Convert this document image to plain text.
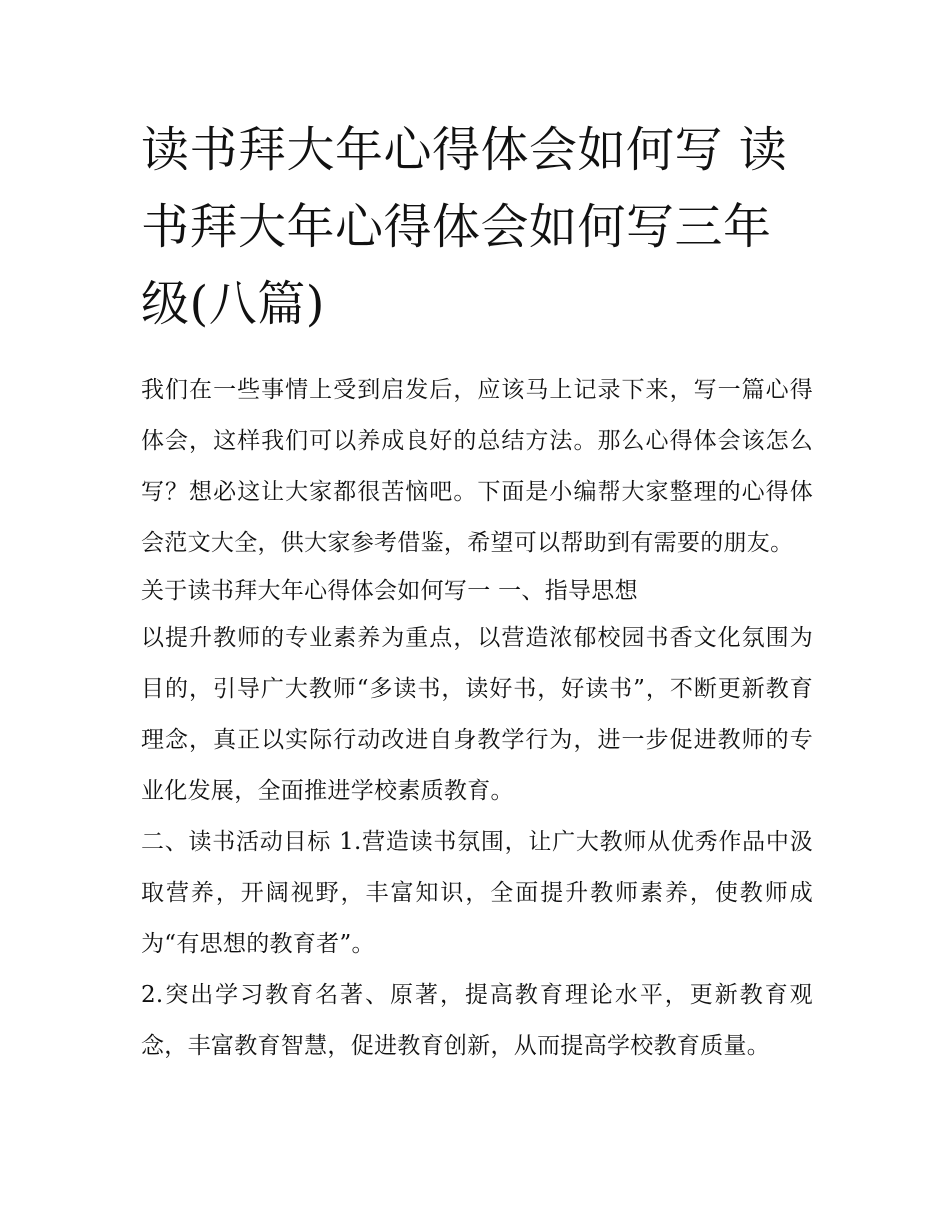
读书拜大年心得体会如何写 读书拜大年心得体会如何写三年级(八篇)

我们在一些事情上受到启发后，应该马上记录下来，写一篇心得体会，这样我们可以养成良好的总结方法。那么心得体会该怎么写？想必这让大家都很苦恼吧。下面是小编帮大家整理的心得体会范文大全，供大家参考借鉴，希望可以帮助到有需要的朋友。

关于读书拜大年心得体会如何写一 一、指导思想

以提升教师的专业素养为重点，以营造浓郁校园书香文化氛围为目的，引导广大教师“多读书，读好书，好读书”，不断更新教育理念，真正以实际行动改进自身教学行为，进一步促进教师的专业化发展，全面推进学校素质教育。

二、读书活动目标 1.营造读书氛围，让广大教师从优秀作品中汲取营养，开阔视野，丰富知识，全面提升教师素养，使教师成为“有思想的教育者”。

2.突出学习教育名著、原著，提高教育理论水平，更新教育观念，丰富教育智慧，促进教育创新，从而提高学校教育质量。
